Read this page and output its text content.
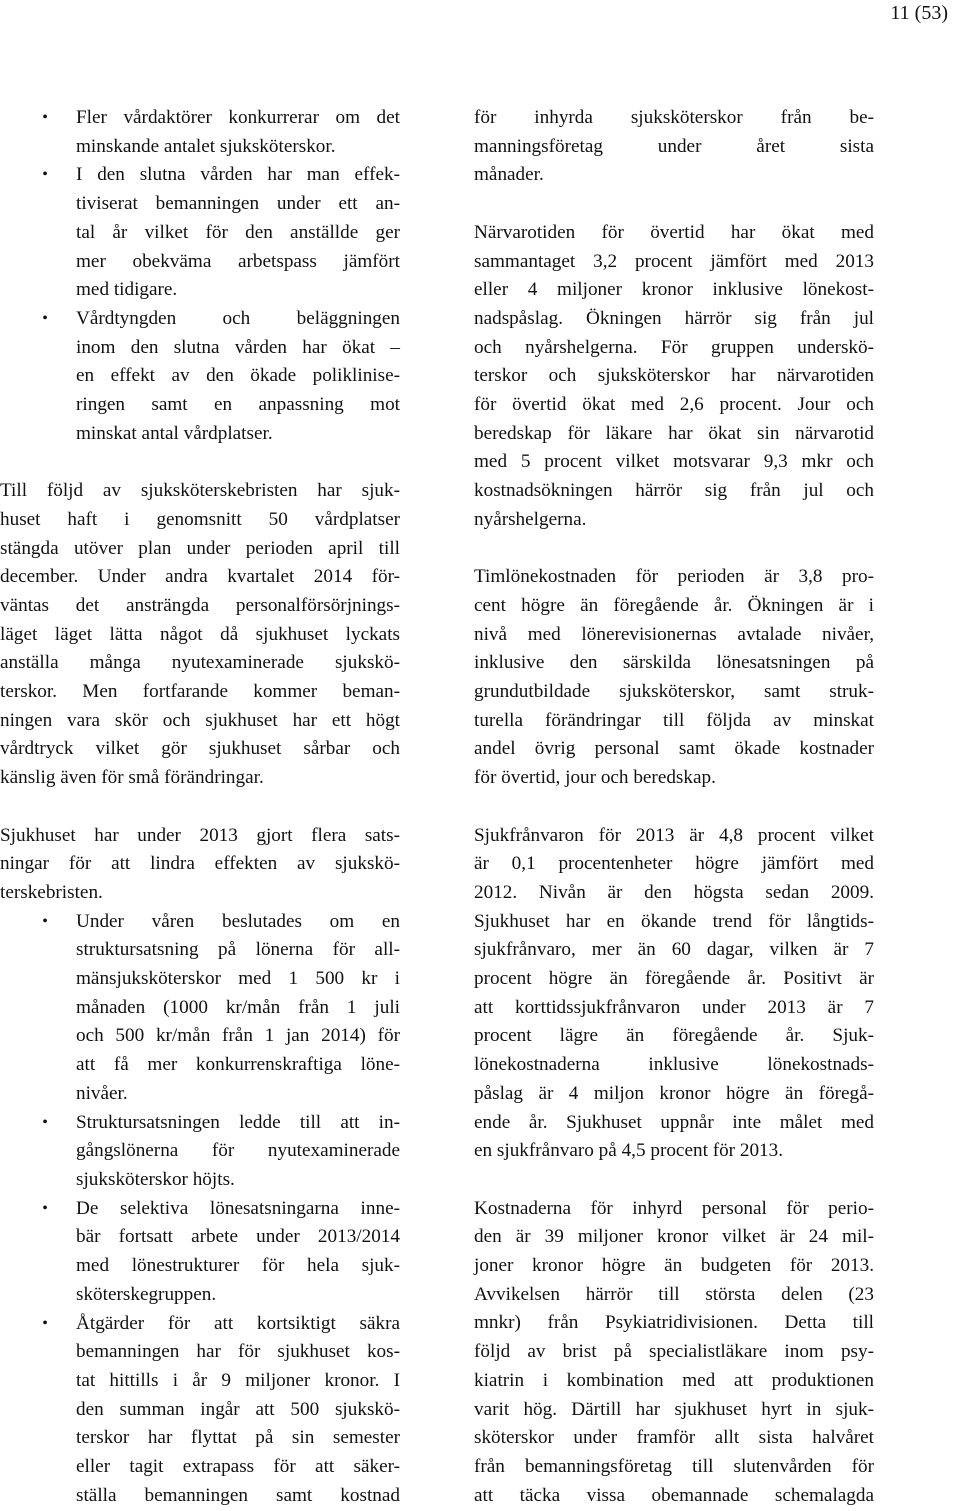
11 (53)
• Fler vårdaktörer konkurrerar om det
minskande antalet sjuksköterskor.
• I den slutna vården har man effek-
tiviserat bemanningen under ett an-
tal år vilket för den anställde ger
mer obekväma arbetspass jämfört
med tidigare.
• Vårdtyngden och beläggningen
inom den slutna vården har ökat –
en effekt av den ökade poliklinise-
ringen samt en anpassning mot
minskat antal vårdplatser.

Till följd av sjuksköterskebristen har sjuk-
huset haft i genomsnitt 50 vårdplatser
stängda utöver plan under perioden april till
december. Under andra kvartalet 2014 för-
väntas det ansträngda personalförsörjnings-
läget läget lätta något då sjukhuset lyckats
anställa många nyutexaminerade sjukskö-
terskor. Men fortfarande kommer beman-
ningen vara skör och sjukhuset har ett högt
vårdtryck vilket gör sjukhuset sårbar och
känslig även för små förändringar.

Sjukhuset har under 2013 gjort flera sats-
ningar för att lindra effekten av sjukskö-
terskebristen.

• Under våren beslutades om en
struktursatsning på lönerna för all-
mänsjuksköterskor med 1 500 kr i
månaden (1000 kr/mån från 1 juli
och 500 kr/mån från 1 jan 2014) för
att få mer konkurrenskraftiga löne-
nivåer.
• Struktursatsningen ledde till att in-
gångslönerna för nyutexaminerade
sjuksköterskor höjts.
• De selektiva lönesatsningarna inne-
bär fortsatt arbete under 2013/2014
med lönestrukturer för hela sjuk-
sköterskegruppen.
• Åtgärder för att kortsiktigt säkra
bemanningen har för sjukhuset kos-
tat hittills i år 9 miljoner kronor. I
den summan ingår att 500 sjukskö-
terskor har flyttat på sin semester
eller tagit extrapass för att säker-
ställa bemanningen samt kostnad

för inhyrda sjuksköterskor från be-
manningsföretag under året sista
månader.

Närvarotiden för övertid har ökat med
sammantaget 3,2 procent jämfört med 2013
eller 4 miljoner kronor inklusive lönekost-
nadspåslag. Ökningen härrör sig från jul
och nyårshelgerna. För gruppen underskö-
terskor och sjuksköterskor har närvarotiden
för övertid ökat med 2,6 procent. Jour och
beredskap för läkare har ökat sin närvarotid
med 5 procent vilket motsvarar 9,3 mkr och
kostnadsökningen härrör sig från jul och
nyårshelgerna.

Timlönekostnaden för perioden är 3,8 pro-
cent högre än föregående år. Ökningen är i
nivå med lönerevisionernas avtalade nivåer,
inklusive den särskilda lönesatsningen på
grundutbildade sjuksköterskor, samt struk-
turella förändringar till följda av minskat
andel övrig personal samt ökade kostnader
för övertid, jour och beredskap.

Sjukfrånvaron för 2013 är 4,8 procent vilket
är 0,1 procentenheter högre jämfört med
2012. Nivån är den högsta sedan 2009.
Sjukhuset har en ökande trend för långtids-
sjukfrånvaro, mer än 60 dagar, vilken är 7
procent högre än föregående år. Positivt är
att korttidssjukfrånvaron under 2013 är 7
procent lägre än föregående år. Sjuk-
lönekostnaderna inklusive lönekostnads-
påslag är 4 miljon kronor högre än föregå-
ende år. Sjukhuset uppnår inte målet med
en sjukfrånvaro på 4,5 procent för 2013.

Kostnaderna för inhyrd personal för perio-
den är 39 miljoner kronor vilket är 24 mil-
joner kronor högre än budgeten för 2013.
Avvikelsen härrör till största delen (23
mnkr) från Psykiatridivisionen. Detta till
följd av brist på specialistläkare inom psy-
kiatrin i kombination med att produktionen
varit hög. Därtill har sjukhuset hyrt in sjuk-
sköterskor under framför allt sista halvåret
från bemanningsföretag till slutenvården för
att täcka vissa obemannade schemalagda
